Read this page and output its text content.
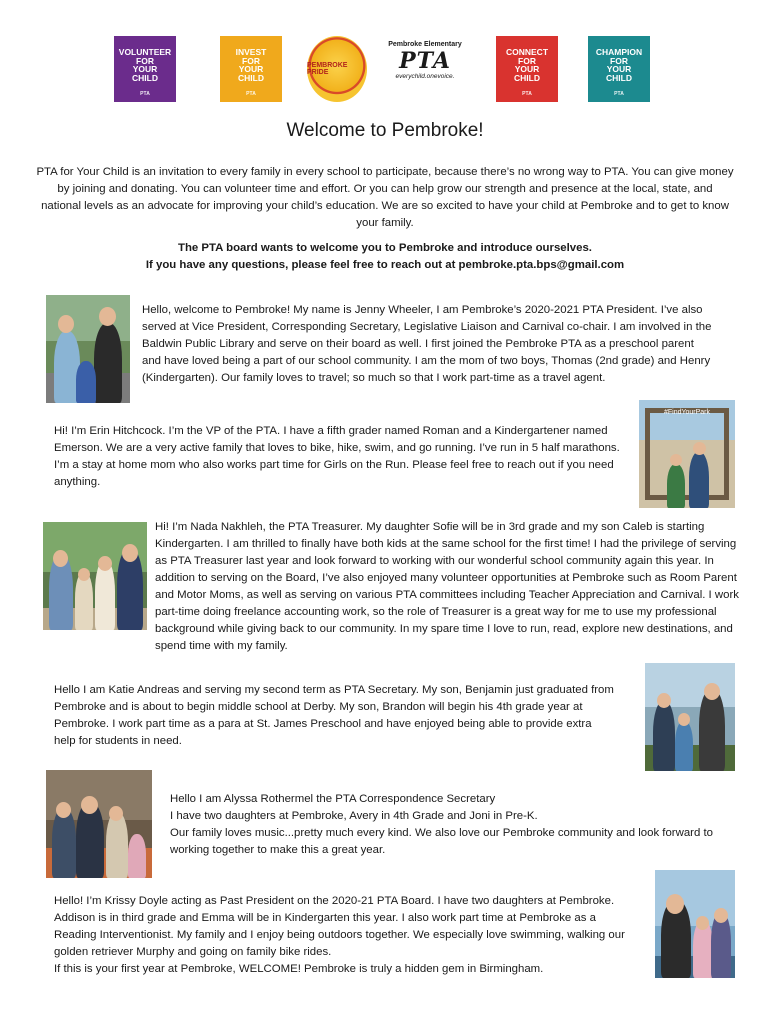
VOLUNTEER
FOR
YOUR
CHILD
PTA
INVEST
FOR
YOUR
CHILD
PTA
PEMBROKE PRIDE
Pembroke Elementary
PTA
everychild.onevoice.
CONNECT
FOR
YOUR
CHILD
PTA
CHAMPION
FOR
YOUR
CHILD
PTA
Welcome to Pembroke!
PTA for Your Child is an invitation to every family in every school to participate, because there’s no wrong way to PTA. You can give money by joining and donating. You can volunteer time and effort. Or you can help grow our strength and presence at the local, state, and national levels as an advocate for improving your child’s education. We are so excited to have your child at Pembroke and to get to know your family.
The PTA board wants to welcome you to Pembroke and introduce ourselves.
If you have any questions, please feel free to reach out at pembroke.pta.bps@gmail.com
Hello, welcome to Pembroke! My name is Jenny Wheeler, I am Pembroke’s 2020-2021 PTA President. I’ve also served at Vice President, Corresponding Secretary, Legislative Liaison and Carnival co-chair. I am involved in the Baldwin Public Library and serve on their board as well. I first joined the Pembroke PTA as a preschool parent and have loved being a part of our school community. I am the mom of two boys, Thomas (2nd grade) and Henry (Kindergarten). Our family loves to travel; so much so that I work part-time as a travel agent.
Hi! I’m Erin Hitchcock. I’m the VP of the PTA. I have a fifth grader named Roman and a Kindergartener named Emerson. We are a very active family that loves to bike, hike, swim, and go running. I’ve run in 5 half marathons. I’m a stay at home mom who also works part time for Girls on the Run. Please feel free to reach out if you need anything.
#FindYourPark
Hi! I’m Nada Nakhleh, the PTA Treasurer. My daughter Sofie will be in 3rd grade and my son Caleb is starting Kindergarten. I am thrilled to finally have both kids at the same school for the first time! I had the privilege of serving as PTA Treasurer last year and look forward to working with our wonderful school community again this year. In addition to serving on the Board, I’ve also enjoyed many volunteer opportunities at Pembroke such as Room Parent and Motor Moms, as well as serving on various PTA committees including Teacher Appreciation and Carnival. I work part-time doing freelance accounting work, so the role of Treasurer is a great way for me to use my professional background while giving back to our community. In my spare time I love to run, read, explore new destinations, and spend time with my family.
Hello I am Katie Andreas and serving my second term as PTA Secretary. My son, Benjamin just graduated from Pembroke and is about to begin middle school at Derby. My son, Brandon will begin his 4th grade year at Pembroke. I work part time as a para at St. James Preschool and have enjoyed being able to provide extra help for students in need.
Hello I am Alyssa Rothermel the PTA Correspondence Secretary
I have two daughters at Pembroke, Avery in 4th Grade and Joni in Pre-K.
Our family loves music...pretty much every kind. We also love our Pembroke community and look forward to working together to make this a great year.
Hello! I’m Krissy Doyle acting as Past President on the 2020-21 PTA Board. I have two daughters at Pembroke. Addison is in third grade and Emma will be in Kindergarten this year. I also work part time at Pembroke as a Reading Interventionist. My family and I enjoy being outdoors together. We especially love swimming, walking our golden retriever Murphy and going on family bike rides.
If this is your first year at Pembroke, WELCOME! Pembroke is truly a hidden gem in Birmingham.
